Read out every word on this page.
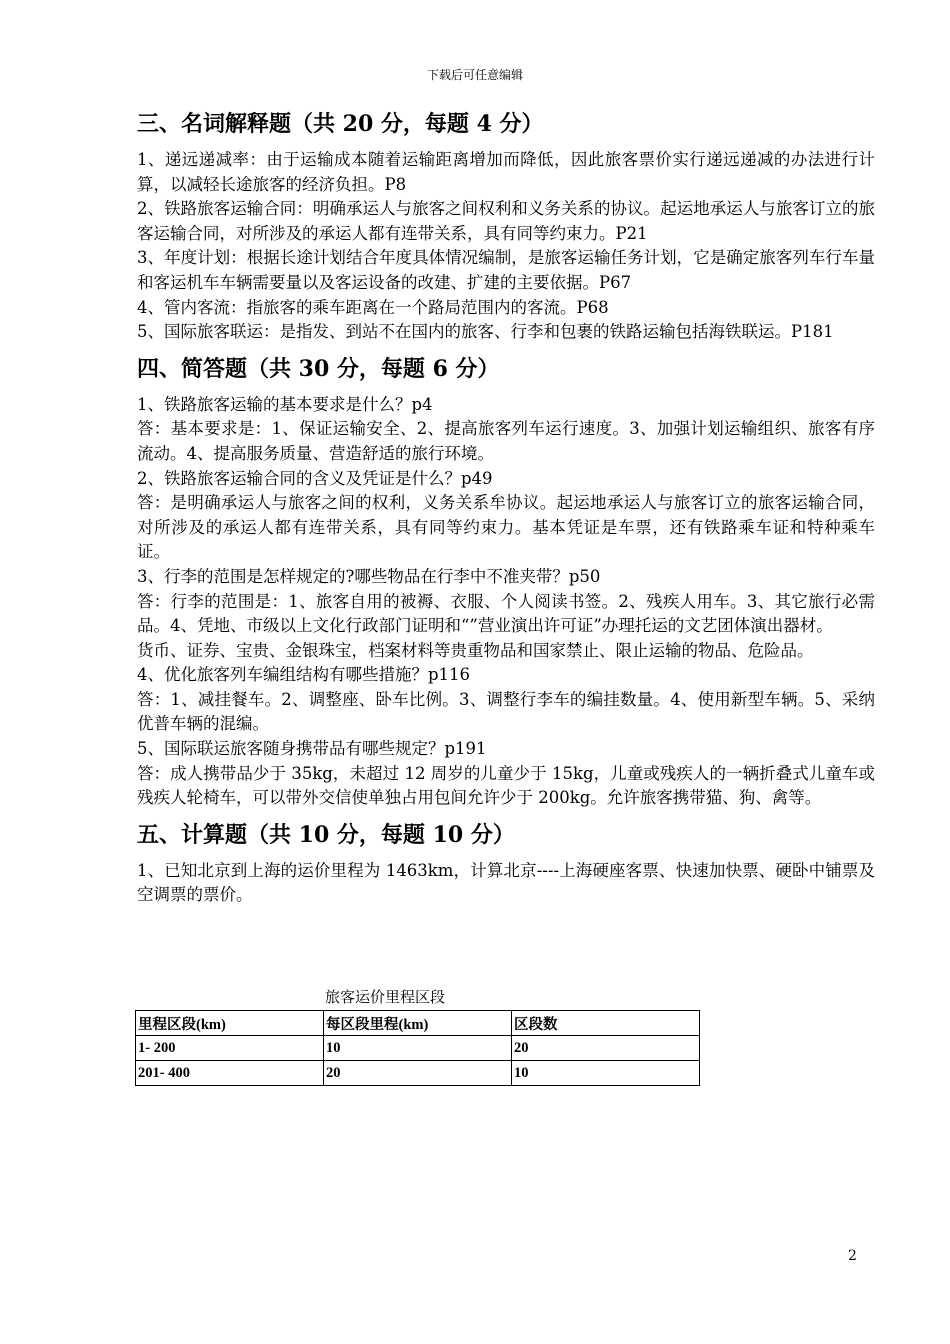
下载后可任意编辑
三、名词解释题（共 20 分，每题 4 分）

1、递远递减率：由于运输成本随着运输距离增加而降低，因此旅客票价实行递远递减的办法进行计算，以减轻长途旅客的经济负担。P8

2、铁路旅客运输合同：明确承运人与旅客之间权利和义务关系的协议。起运地承运人与旅客订立的旅客运输合同，对所涉及的承运人都有连带关系，具有同等约束力。P21

3、年度计划：根据长途计划结合年度具体情况编制，是旅客运输任务计划，它是确定旅客列车行车量和客运机车车辆需要量以及客运设备的改建、扩建的主要依据。P67

4、管内客流：指旅客的乘车距离在一个路局范围内的客流。P68

5、国际旅客联运：是指发、到站不在国内的旅客、行李和包裹的铁路运输包括海铁联运。P181

四、简答题（共 30 分，每题 6 分）

1、铁路旅客运输的基本要求是什么？p4

答：基本要求是：1、保证运输安全、2、提高旅客列车运行速度。3、加强计划运输组织、旅客有序流动。4、提高服务质量、营造舒适的旅行环境。

2、铁路旅客运输合同的含义及凭证是什么？p49

答：是明确承运人与旅客之间的权利，义务关系牟协议。起运地承运人与旅客订立的旅客运输合同，对所涉及的承运人都有连带关系，具有同等约束力。基本凭证是车票，还有铁路乘车证和特种乘车证。

3、行李的范围是怎样规定的?哪些物品在行李中不准夹带？p50

答：行李的范围是：1、旅客自用的被褥、衣服、个人阅读书签。2、残疾人用车。3、其它旅行必需品。4、凭地、市级以上文化行政部门证明和“”营业演出许可证”办理托运的文艺团体演出器材。

货币、证券、宝贵、金银珠宝，档案材料等贵重物品和国家禁止、限止运输的物品、危险品。

4、优化旅客列车编组结构有哪些措施？p116

答：1、减挂餐车。2、调整座、卧车比例。3、调整行李车的编挂数量。4、使用新型车辆。5、采纳优普车辆的混编。

5、国际联运旅客随身携带品有哪些规定？p191

答：成人携带品少于 35kg，未超过 12 周岁的儿童少于 15kg，儿童或残疾人的一辆折叠式儿童车或残疾人轮椅车，可以带外交信使单独占用包间允许少于 200kg。允许旅客携带猫、狗、禽等。

五、计算题（共 10 分，每题 10 分）

1、已知北京到上海的运价里程为 1463km，计算北京----上海硬座客票、快速加快票、硬卧中铺票及空调票的票价。

旅客运价里程区段
里程区段(km)	每区段里程(km)	区段数
1- 200	10	20
201- 400	20	10
2
